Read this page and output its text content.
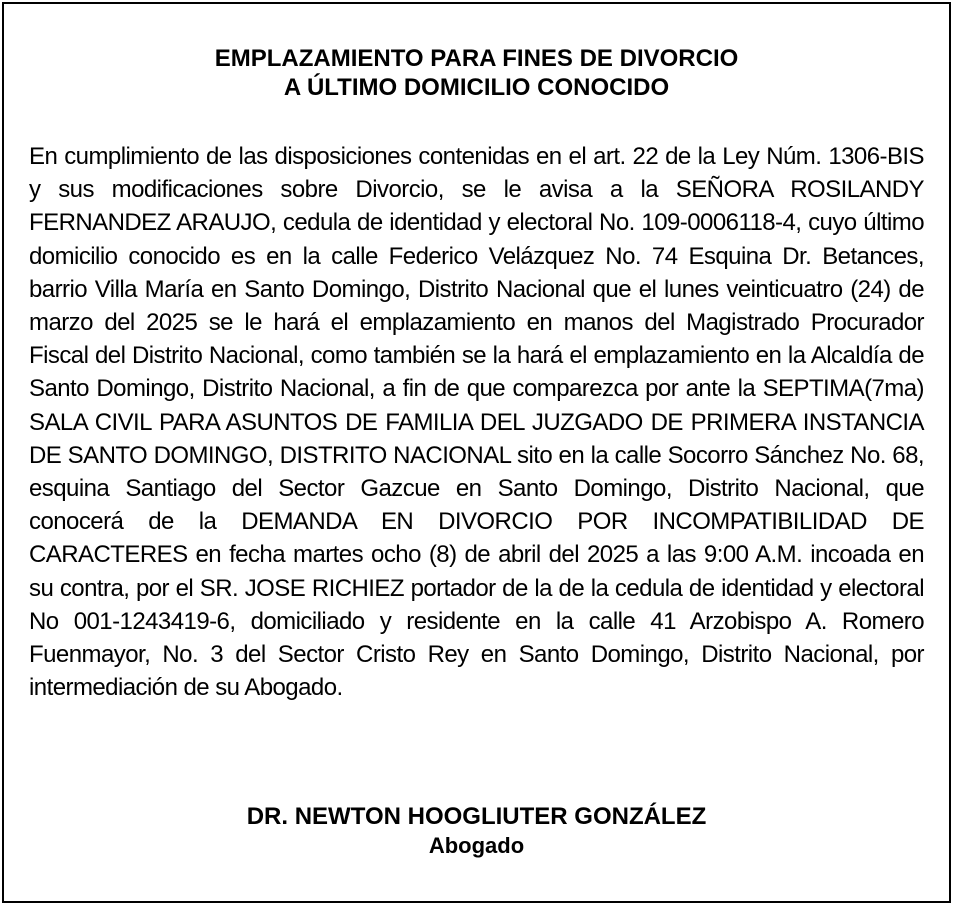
EMPLAZAMIENTO PARA FINES DE DIVORCIO
A ÚLTIMO DOMICILIO CONOCIDO
En cumplimiento de las disposiciones contenidas en el art. 22 de la Ley Núm. 1306-BIS y sus modificaciones sobre Divorcio, se le avisa a la SEÑORA ROSILANDY FERNANDEZ ARAUJO, cedula de identidad y electoral No. 109-0006118-4, cuyo último domicilio conocido es en la calle Federico Velázquez No. 74 Esquina Dr. Betances, barrio Villa María en Santo Domingo, Distrito Nacional que el lunes veinticuatro (24) de marzo del 2025 se le hará el emplazamiento en manos del Magistrado Procurador Fiscal del Distrito Nacional, como también se la hará el emplazamiento en la Alcaldía de Santo Domingo, Distrito Nacional, a fin de que comparezca por ante la SEPTIMA(7ma) SALA CIVIL PARA ASUNTOS DE FAMILIA DEL JUZGADO DE PRIMERA INSTANCIA DE SANTO DOMINGO, DISTRITO NACIONAL sito en la calle Socorro Sánchez No. 68, esquina Santiago del Sector Gazcue en Santo Domingo, Distrito Nacional, que conocerá de la DEMANDA EN DIVORCIO POR INCOMPATIBILIDAD DE CARACTERES en fecha martes ocho (8) de abril del 2025 a las 9:00 A.M. incoada en su contra, por el SR. JOSE RICHIEZ portador de la de la cedula de identidad y electoral No 001-1243419-6, domiciliado y residente en la calle 41 Arzobispo A. Romero Fuenmayor, No. 3 del Sector Cristo Rey en Santo Domingo, Distrito Nacional, por intermediación de su Abogado.
DR. NEWTON HOOGLIUTER GONZÁLEZ
Abogado
